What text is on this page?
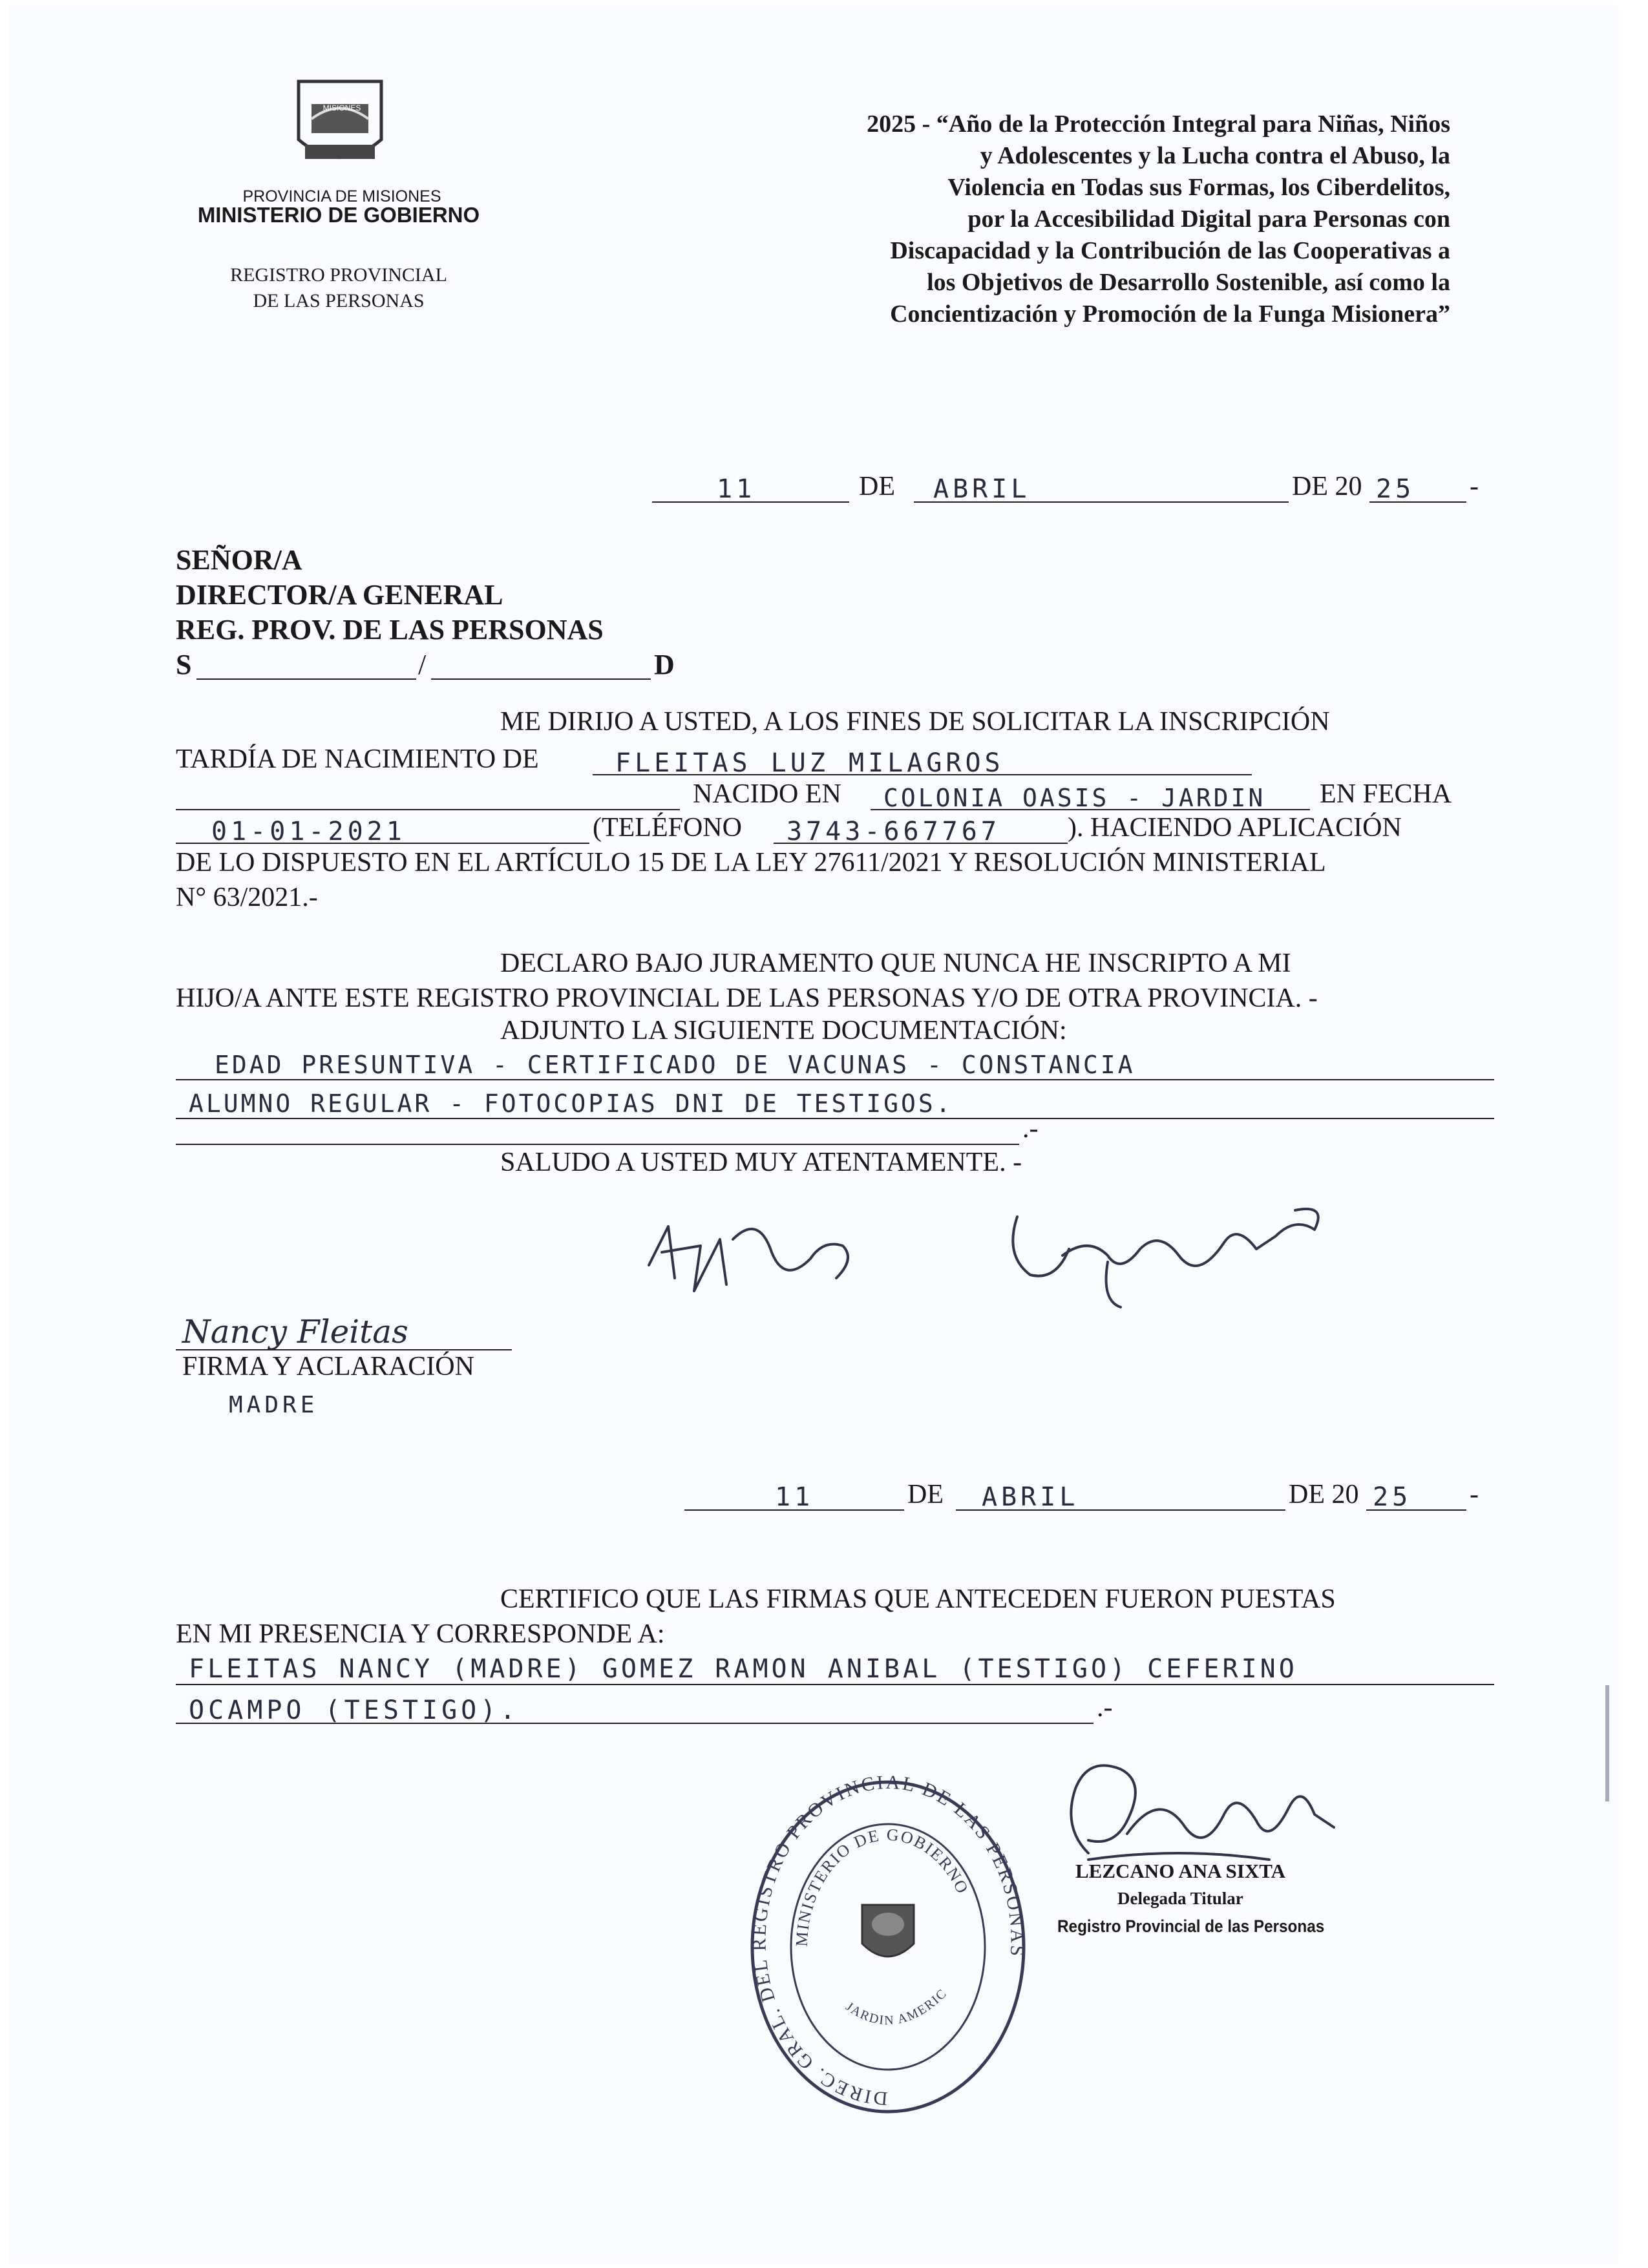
PROVINCIA DE MISIONES
PROVINCIA DE MISIONES
MINISTERIO DE GOBIERNO
REGISTRO PROVINCIAL
DE LAS PERSONAS
2025 - “Año de la Protección Integral para Niñas, Niños
y Adolescentes y la Lucha contra el Abuso, la
Violencia en Todas sus Formas, los Ciberdelitos,
por la Accesibilidad Digital para Personas con
Discapacidad y la Contribución de las Cooperativas a
los Objetivos de Desarrollo Sostenible, así como la
Concientización y Promoción de la Funga Misionera”
11	DE ABRIL	DE 20 25 -
SEÑOR/A
DIRECTOR/A GENERAL
REG. PROV. DE LAS PERSONAS
S	/	D
ME DIRIJO A USTED, A LOS FINES DE SOLICITAR LA INSCRIPCIÓN
TARDÍA DE NACIMIENTO DE	FLEITAS LUZ MILAGROS
NACIDO EN COLONIA OASIS - JARDIN EN FECHA
01-01-2021	(TELÉFONO 3743-667767 ). HACIENDO APLICACIÓN
DE LO DISPUESTO EN EL ARTÍCULO 15 DE LA LEY 27611/2021 Y RESOLUCIÓN MINISTERIAL
N° 63/2021.-
DECLARO BAJO JURAMENTO QUE NUNCA HE INSCRIPTO A MI
HIJO/A ANTE ESTE REGISTRO PROVINCIAL DE LAS PERSONAS Y/O DE OTRA PROVINCIA. -
ADJUNTO LA SIGUIENTE DOCUMENTACIÓN:
EDAD PRESUNTIVA - CERTIFICADO DE VACUNAS - CONSTANCIA
ALUMNO REGULAR - FOTOCOPIAS DNI DE TESTIGOS.
.-
SALUDO A USTED MUY ATENTAMENTE. -
Nancy Fleitas
FIRMA Y ACLARACIÓN
MADRE
11	DE ABRIL	DE 20 25 -
CERTIFICO QUE LAS FIRMAS QUE ANTECEDEN FUERON PUESTAS
EN MI PRESENCIA Y CORRESPONDE A:
FLEITAS NANCY (MADRE) GOMEZ RAMON ANIBAL (TESTIGO) CEFERINO
OCAMPO (TESTIGO).	.-
DIREC. GRAL. DEL REGISTRO PROVINCIAL DE LAS PERSONAS
MINISTERIO DE GOBIERNO
JARDIN AMERIC
LEZCANO ANA SIXTA
Delegada Titular
Registro Provincial de las Personas
